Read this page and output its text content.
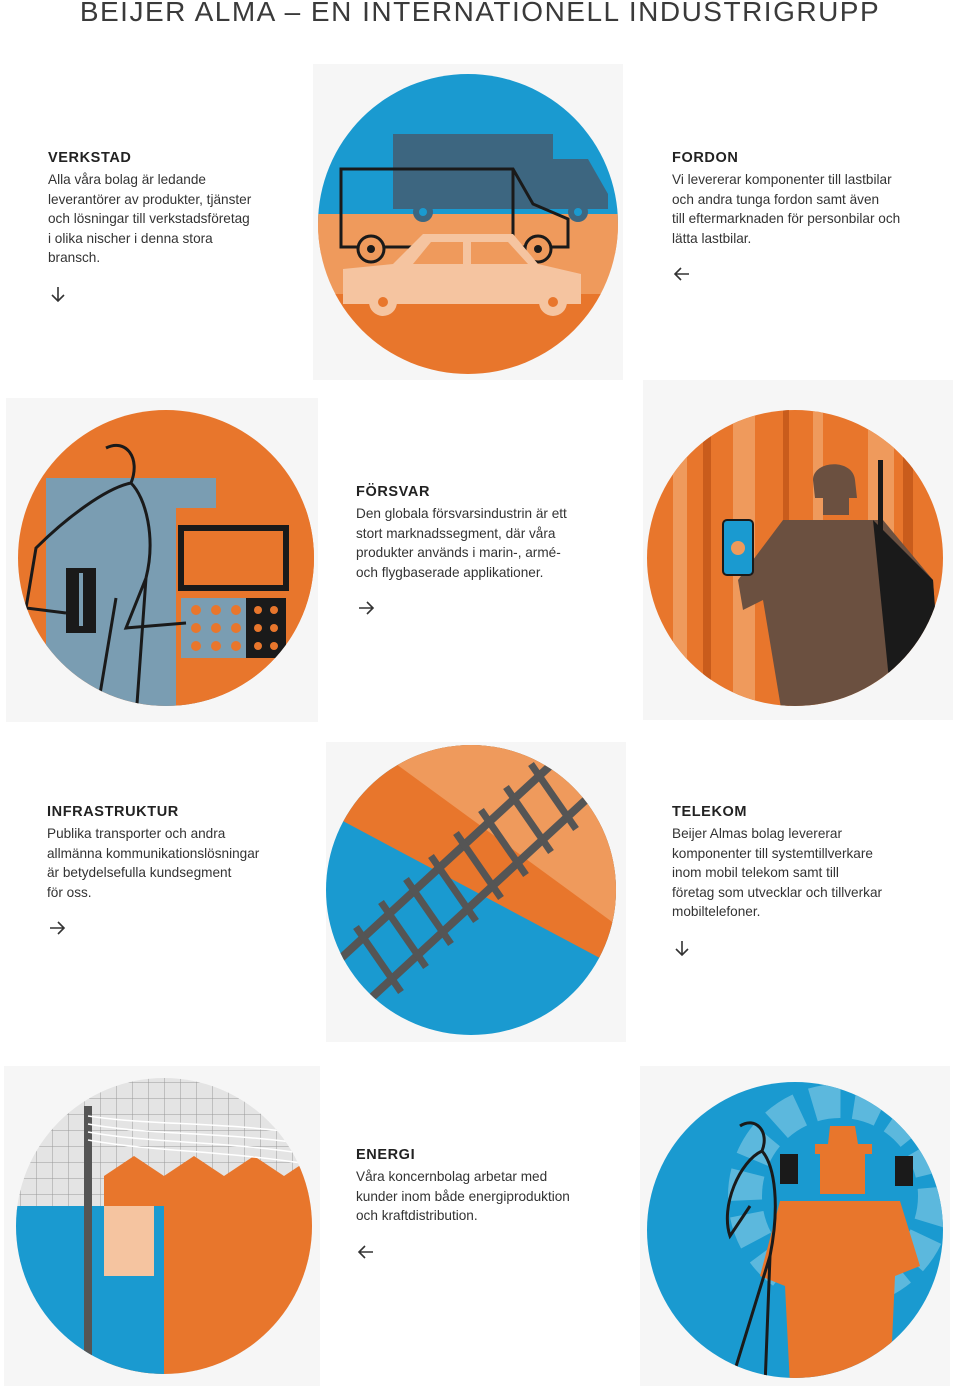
BEIJER ALMA – EN INTERNATIONELL INDUSTRIGRUPP
VERKSTAD

Alla våra bolag är ledande
leverantörer av produkter, tjänster
och lösningar till verkstadsföretag
i olika nischer i denna stora
bransch.

FORDON

Vi levererar komponenter till lastbilar
och andra tunga fordon samt även
till eftermarknaden för personbilar och
lätta lastbilar.

FÖRSVAR

Den globala försvarsindustrin är ett
stort marknadssegment, där våra
produkter används i marin-, armé-
och flygbaserade applikationer.

INFRASTRUKTUR

Publika transporter och andra
allmänna kommunikationslösningar
är betydelsefulla kundsegment
för oss.

TELEKOM

Beijer Almas bolag levererar
komponenter till systemtillverkare
inom mobil telekom samt till
företag som utvecklar och tillverkar
mobiltelefoner.

ENERGI

Våra koncernbolag arbetar med
kunder inom både energiproduktion
och kraftdistribution.
